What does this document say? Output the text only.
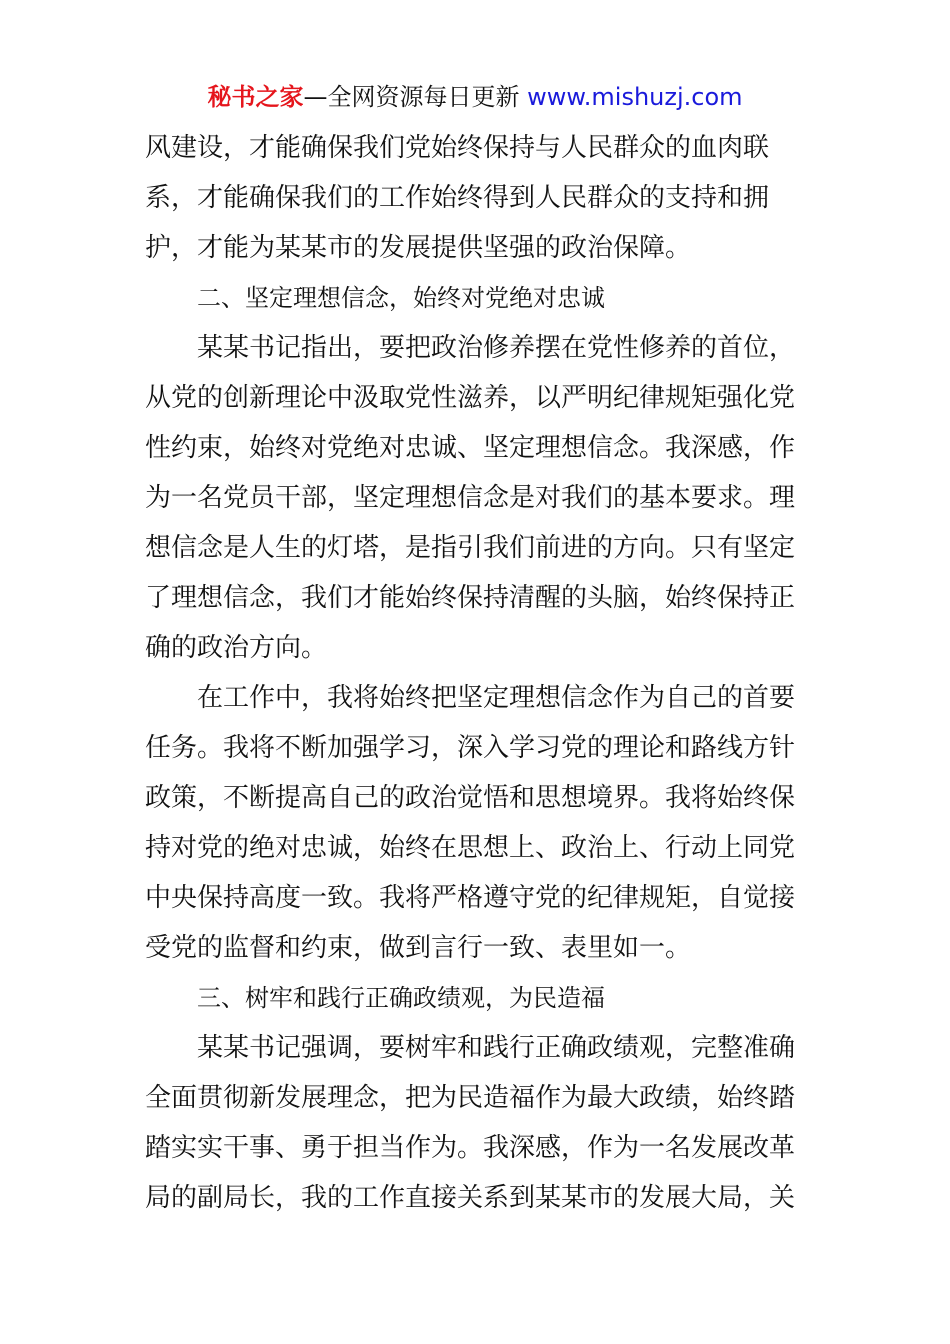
秘书之家—全网资源每日更新 www.mishuzj.com
风建设，才能确保我们党始终保持与人民群众的血肉联
系，才能确保我们的工作始终得到人民群众的支持和拥
护，才能为某某市的发展提供坚强的政治保障。
二、坚定理想信念，始终对党绝对忠诚
某某书记指出，要把政治修养摆在党性修养的首位，
从党的创新理论中汲取党性滋养，以严明纪律规矩强化党
性约束，始终对党绝对忠诚、坚定理想信念。我深感，作
为一名党员干部，坚定理想信念是对我们的基本要求。理
想信念是人生的灯塔，是指引我们前进的方向。只有坚定
了理想信念，我们才能始终保持清醒的头脑，始终保持正
确的政治方向。
在工作中，我将始终把坚定理想信念作为自己的首要
任务。我将不断加强学习，深入学习党的理论和路线方针
政策，不断提高自己的政治觉悟和思想境界。我将始终保
持对党的绝对忠诚，始终在思想上、政治上、行动上同党
中央保持高度一致。我将严格遵守党的纪律规矩，自觉接
受党的监督和约束，做到言行一致、表里如一。
三、树牢和践行正确政绩观，为民造福
某某书记强调，要树牢和践行正确政绩观，完整准确
全面贯彻新发展理念，把为民造福作为最大政绩，始终踏
踏实实干事、勇于担当作为。我深感，作为一名发展改革
局的副局长，我的工作直接关系到某某市的发展大局，关
